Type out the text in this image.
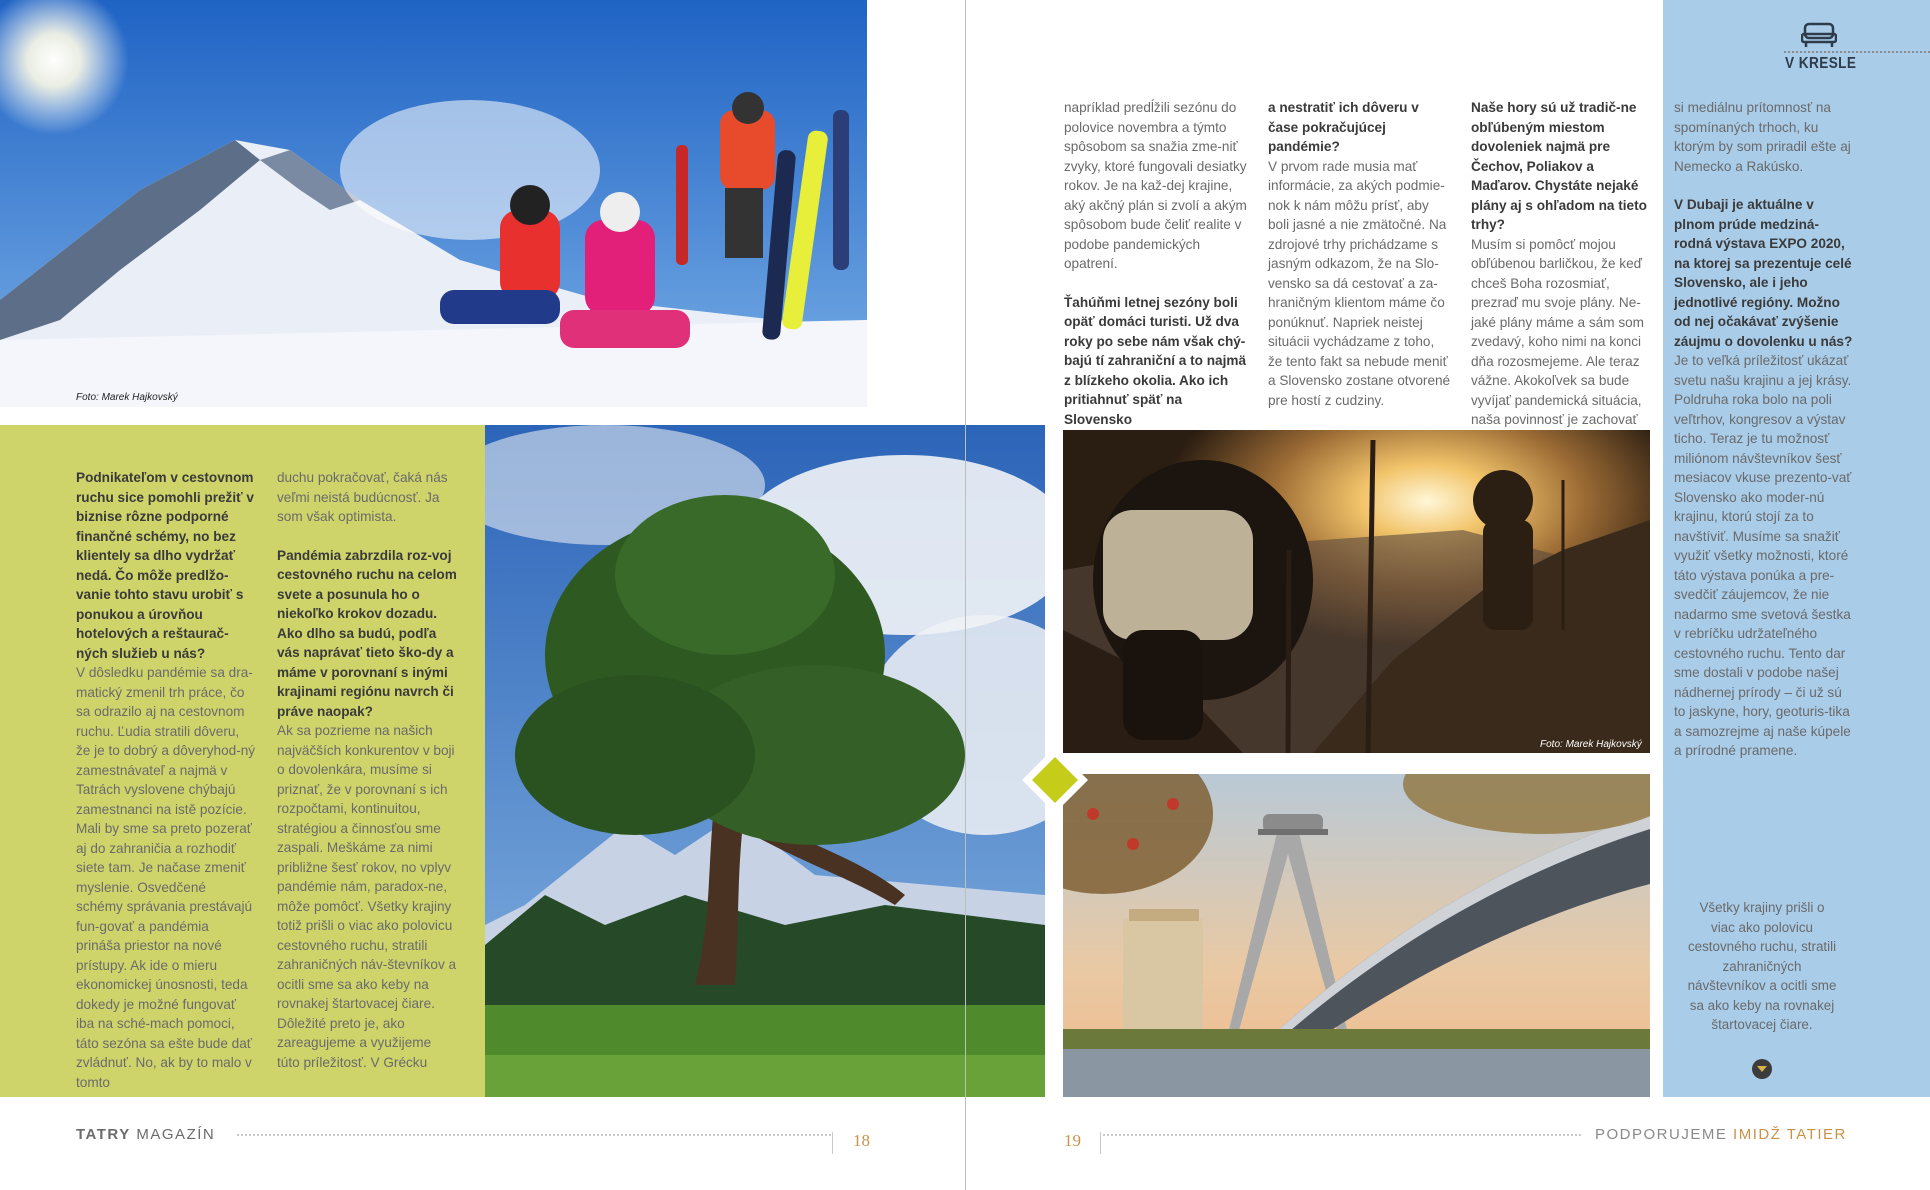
Foto: Marek Hajkovský

Podnikateľom v cestovnom ruchu sice pomohli prežiť v biznise rôzne podporné finančné schémy, no bez klientely sa dlho vydržať nedá. Čo môže predlžo-vanie tohto stavu urobiť s ponukou a úrovňou hotelových a reštaurač-ných služieb u nás?
V dôsledku pandémie sa dra-matický zmenil trh práce, čo sa odrazilo aj na cestovnom ruchu. Ľudia stratili dôveru, že je to dobrý a dôveryhod-ný zamestnávateľ a najmä v Tatrách vyslovene chýbajú zamestnanci na istě pozície. Mali by sme sa preto pozerať aj do zahraničia a rozhodiť siete tam. Je načase zmeniť myslenie. Osvedčené schémy správania prestávajú fun-govať a pandémia prináša priestor na nové prístupy. Ak ide o mieru ekonomickej únosnosti, teda dokedy je možné fungovať iba na sché-mach pomoci, táto sezóna sa ešte bude dať zvládnuť. No, ak by to malo v tomto

duchu pokračovať, čaká nás veľmi neistá budúcnosť. Ja som však optimista.

Pandémia zabrzdila roz-voj cestovného ruchu na celom svete a posunula ho o niekoľko krokov dozadu. Ako dlho sa budú, podľa vás naprávať tieto ško-dy a máme v porovnaní s inými krajinami regiónu navrch či práve naopak?
Ak sa pozrieme na našich najväčších konkurentov v boji o dovolenkára, musíme si priznať, že v porovnaní s ich rozpočtami, kontinuitou, stratégiou a činnosťou sme zaspali. Meškáme za nimi približne šesť rokov, no vplyv pandémie nám, paradox-ne, môže pomôcť. Všetky krajiny totiž prišli o viac ako polovicu cestovného ruchu, stratili zahraničných náv-števníkov a ocitli sme sa ako keby na rovnakej štartovacej čiare. Dôležité preto je, ako zareagujeme a využijeme túto príležitosť. V Grécku

TATRY MAGAZÍN	18
V KRESLE

napríklad predĺžili sezónu do polovice novembra a týmto spôsobom sa snažia zme-niť zvyky, ktoré fungovali desiatky rokov. Je na kaž-dej krajine, aký akčný plán si zvolí a akým spôsobom bude čeliť realite v podobe pandemických opatrení.

Ťahúňmi letnej sezóny boli opäť domáci turisti. Už dva roky po sebe nám však chý-bajú tí zahraniční a to najmä z blízkeho okolia. Ako ich pritiahnuť späť na Slovensko

a nestratiť ich dôveru v čase pokračujúcej pandémie?
V prvom rade musia mať informácie, za akých podmie-nok k nám môžu prísť, aby boli jasné a nie zmätočné. Na zdrojové trhy prichádzame s jasným odkazom, že na Slo-vensko sa dá cestovať a za-hraničným klientom máme čo ponúknuť. Napriek neistej situácii vychádzame z toho, že tento fakt sa nebude meniť a Slovensko zostane otvorené pre hostí z cudziny.

Naše hory sú už tradič-ne obľúbeným miestom dovoleniek najmä pre Čechov, Poliakov a Maďarov. Chystáte nejaké plány aj s ohľadom na tieto trhy?
Musím si pomôcť mojou obľúbenou barličkou, že keď chceš Boha rozosmiať, prezraď mu svoje plány. Ne-jaké plány máme a sám som zvedavý, koho nimi na konci dňa rozosmejeme. Ale teraz vážne. Akokoľvek sa bude vyvíjať pandemická situácia, naša povinnosť je zachovať

si mediálnu prítomnosť na spomínaných trhoch, ku ktorým by som priradil ešte aj Nemecko a Rakúsko.

V Dubaji je aktuálne v plnom prúde medziná-rodná výstava EXPO 2020, na ktorej sa prezentuje celé Slovensko, ale i jeho jednotlivé regióny. Možno od nej očakávať zvýšenie záujmu o dovolenku u nás?
Je to veľká príležitosť ukázať svetu našu krajinu a jej krásy. Poldruha roka bolo na poli veľtrhov, kongresov a výstav ticho. Teraz je tu možnosť miliónom návštevníkov šesť mesiacov vkuse prezento-vať Slovensko ako moder-nú krajinu, ktorú stojí za to navštíviť. Musíme sa snažiť využiť všetky možnosti, ktoré táto výstava ponúka a pre-svedčiť záujemcov, že nie nadarmo sme svetová šestka v rebríčku udržateľného cestovného ruchu. Tento dar sme dostali v podobe našej nádhernej prírody – či už sú to jaskyne, hory, geoturis-tika a samozrejme aj naše kúpele a prírodné pramene.

Foto: Marek Hajkovský
Všetky krajiny prišli o viac ako polovicu cestovného ruchu, stratili zahraničných návštevníkov a ocitli sme sa ako keby na rovnakej štartovacej čiare.
19	PODPORUJEME IMIDŽ TATIER
